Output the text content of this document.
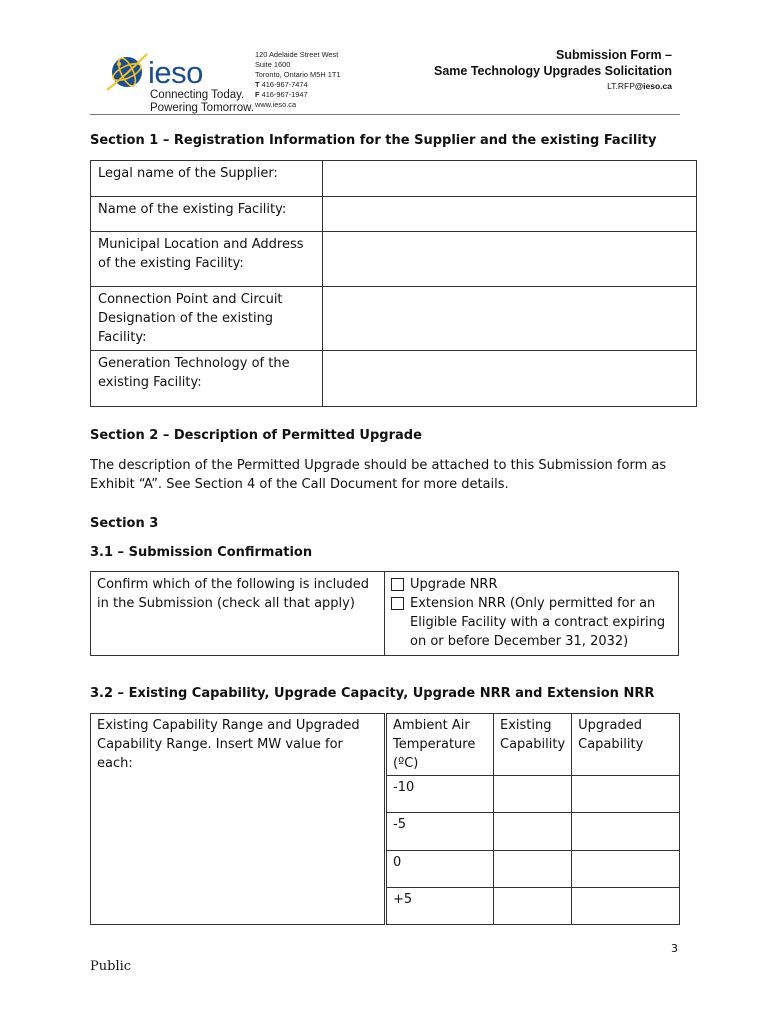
ieso
Connecting Today.
Powering Tomorrow.
120 Adelaide Street West
Suite 1600
Toronto, Ontario M5H 1T1
T 416-967-7474
F 416-967-1947
www.ieso.ca
Submission Form –
Same Technology Upgrades Solicitation
LT.RFP@ieso.ca
Section 1 – Registration Information for the Supplier and the existing Facility
Legal name of the Supplier:	
Name of the existing Facility:	
Municipal Location and Address of the existing Facility:	
Connection Point and Circuit Designation of the existing Facility:	
Generation Technology of the existing Facility:	
Section 2 – Description of Permitted Upgrade
The description of the Permitted Upgrade should be attached to this Submission form as Exhibit “A”. See Section 4 of the Call Document for more details.
Section 3
3.1 – Submission Confirmation
Confirm which of the following is included in the Submission (check all that apply)	
Upgrade NRR
Extension NRR (Only permitted for an Eligible Facility with a contract expiring on or before December 31, 2032)
3.2 – Existing Capability, Upgrade Capacity, Upgrade NRR and Extension NRR
Existing Capability Range and Upgraded Capability Range. Insert MW value for each:		Ambient Air Temperature (ºC)	Existing Capability	Upgraded Capability
		-10		
		-5		
		0		
		+5		
3
Public
